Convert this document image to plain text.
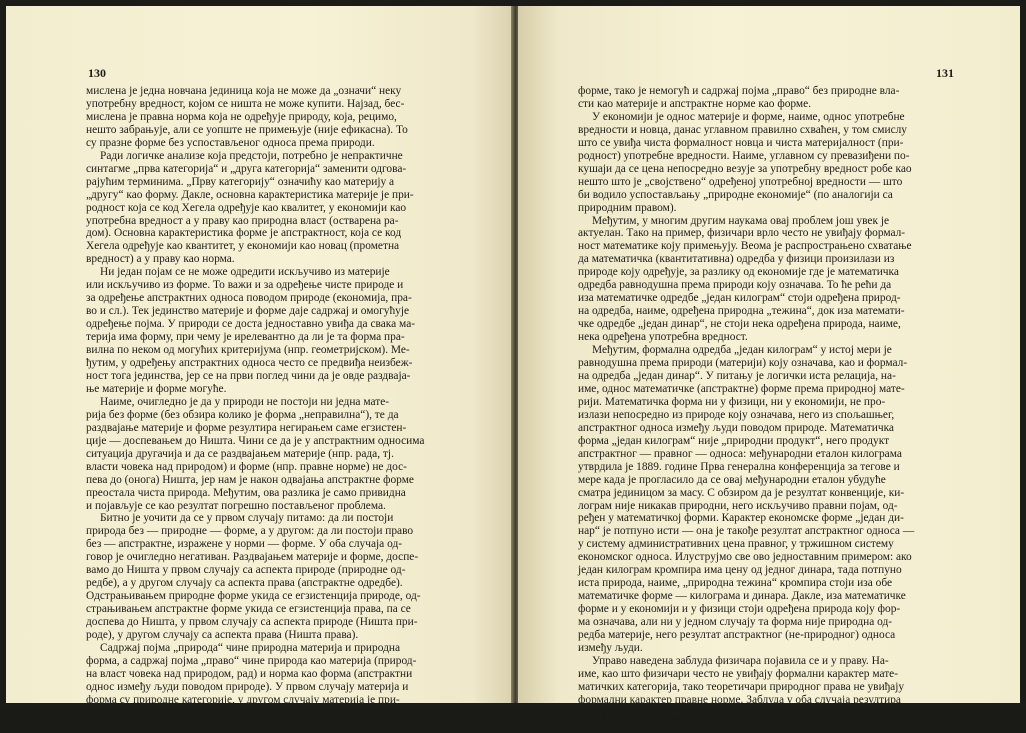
130
мислена је једна новчана јединица која не може да „означи“ неку
употребну вредност, којом се ништа не може купити. Најзад, бес-
мислена је правна норма која не одређује природу, која, рецимо,
нешто забрањује, али се уопште не примењује (није ефикасна). То
су празне форме без успостављеног односа према природи.
Ради логичке анализе која предстоји, потребно је непрактичне
синтагме „прва категорија“ и „друга категорија“ заменити одгова-
рајућим терминима. „Прву категорију“ означићу као материју а
„другу“ као форму. Дакле, основна карактеристика материје је при-
родност која се код Хегела одређује као квалитет, у економији као
употребна вредност а у праву као природна власт (остварена ра-
дом). Основна карактеристика форме је апстрактност, која се код
Хегела одређује као квантитет, у економији као новац (прометна
вредност) а у праву као норма.
Ни један појам се не може одредити искључиво из материје
или искључиво из форме. То важи и за одређење чисте природе и
за одређење апстрактних односа поводом природе (економија, пра-
во и сл.). Тек јединство материје и форме даје садржај и омогућује
одређење појма. У природи се доста једноставно увиђа да свака ма-
терија има форму, при чему је ирелевантно да ли је та форма пра-
вилна по неком од могућих критеријума (нпр. геометријском). Ме-
ђутим, у одређењу апстрактних односа често се предвиђа неизбеж-
ност тога јединства, јер се на први поглед чини да је овде раздваја-
ње материје и форме могуће.
Наиме, очигледно је да у природи не постоји ни једна мате-
рија без форме (без обзира колико је форма „неправилна“), те да
раздвајање материје и форме резултира негирањем саме егзистен-
ције — доспевањем до Ништа. Чини се да је у апстрактним односима
ситуација другачија и да се раздвајањем материје (нпр. рада, тј.
власти човека над природом) и форме (нпр. правне норме) не дос-
пева до (онога) Ништа, јер нам је након одвајања апстрактне форме
преостала чиста природа. Међутим, ова разлика је само привидна
и појављује се као резултат погрешно постављеног проблема.
Битно је уочити да се у првом случају питамо: да ли постоји
природа без — природне — форме, а у другом: да ли постоји право
без — апстрактне, изражене у норми — форме. У оба случаја од-
говор је очигледно негативан. Раздвајањем материје и форме, доспе-
вамо до Ништа у првом случају са аспекта природе (природне од-
редбе), а у другом случају са аспекта права (апстрактне одредбе).
Одстрањивањем природне форме укида се егзистенција природе, од-
страњивањем апстрактне форме укида се егзистенција права, па се
доспева до Ништа, у првом случају са аспекта природе (Ништа при-
роде), у другом случају са аспекта права (Ништа права).
Садржај појма „природа“ чине природна материја и природна
форма, а садржај појма „право“ чине природа као материја (природ-
на власт човека над природом, рад) и норма као форма (апстрактни
однос између људи поводом природе). У првом случају материја и
форма су природне категорије, у другом случају материја је при-
рода а форма апстрактна категорија. И као што је немогућ са-
држај појма „природа“ без јединства природне материје и природне
131
форме, тако је немогућ и садржај појма „право“ без природне вла-
сти као материје и апстрактне норме као форме.
У економији је однос материје и форме, наиме, однос употребне
вредности и новца, данас углавном правилно схваћен, у том смислу
што се увиђа чиста формалност новца и чиста материјалност (при-
родност) употребне вредности. Наиме, углавном су превазиђени по-
кушаји да се цена непосредно везује за употребну вредност робе као
нешто што је „својствено“ одређеној употребној вредности — што
би водило успостављању „природне економије“ (по аналогији са
природним правом).
Међутим, у многим другим наукама овај проблем још увек је
актуелан. Тако на пример, физичари врло често не увиђају формал-
ност математике коју примењују. Веома је распрострањено схватање
да математичка (квантитативна) одредба у физици произилази из
природе коју одређује, за разлику од економије где је математичка
одредба равнодушна према природи коју означава. То ће рећи да
иза математичке одредбе „један килограм“ стоји одређена природ-
на одредба, наиме, одређена природна „тежина“, док иза математи-
чке одредбе „један динар“, не стоји нека одређена природа, наиме,
нека одређена употребна вредност.
Међутим, формална одредба „један килограм“ у истој мери је
равнодушна према природи (материји) коју означава, као и формал-
на одредба „један динар“. У питању је логички иста релација, на-
име, однос математичке (апстрактне) форме према природној мате-
рији. Математичка форма ни у физици, ни у економији, не про-
излази непосредно из природе коју означава, него из спољашњег,
апстрактног односа између људи поводом природе. Математичка
форма „један килограм“ није „природни продукт“, него продукт
апстрактног — правног — односа: међународни еталон килограма
утврдила је 1889. године Прва генерална конференција за тегове и
мере када је прогласило да се овај међународни еталон убудуће
сматра јединицом за масу. С обзиром да је резултат конвенције, ки-
лограм није никакав природни, него искључиво правни појам, од-
ређен у математичкој форми. Карактер економске форме „један ди-
нар“ је потпуно исти — она је такође резултат апстрактног односа —
у систему административних цена правног, у тржишном систему
економског односа. Илуструјмо све ово једноставним примером: ако
један килограм кромпира има цену од једног динара, тада потпуно
иста природа, наиме, „природна тежина“ кромпира стоји иза обе
математичке форме — килограма и динара. Дакле, иза математичке
форме и у економији и у физици стоји одређена природа коју фор-
ма означава, али ни у једном случају та форма није природна од-
редба материје, него резултат апстрактног (не-природног) односа
између људи.
Управо наведена заблуда физичара појавила се и у праву. На-
име, као што физичари често не увиђају формални карактер мате-
матичких категорија, тако теоретичари природног права не увиђају
формални карактер правне норме. Заблуда у оба случаја резултира
непосредним одређењем формалних категорија из природе (поисто-
већивањем логичких категорија „материја“ и „садржај“). Човек се
